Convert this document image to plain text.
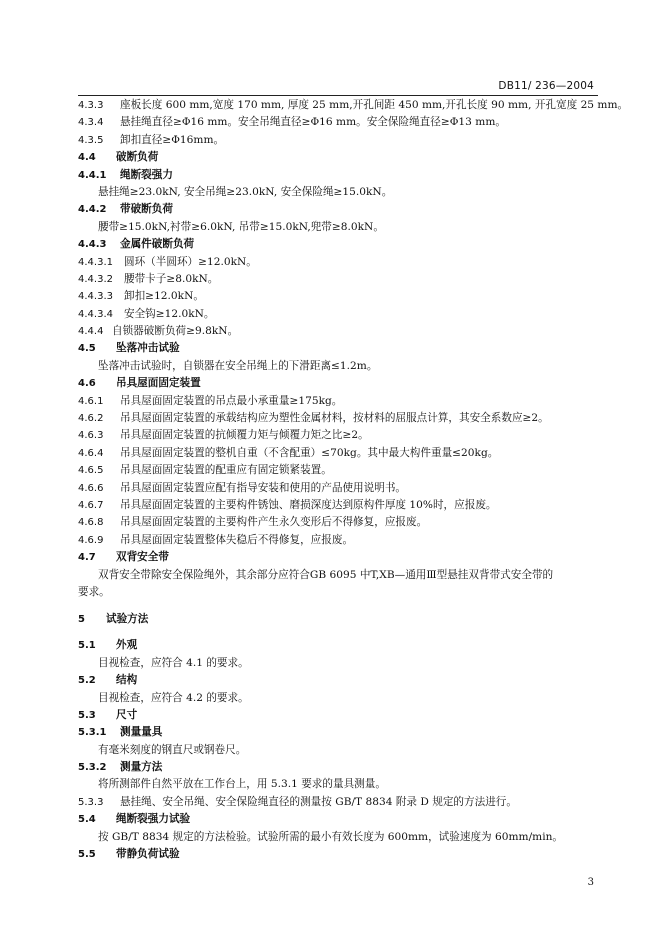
DB11/ 236—2004
4.3.3 座板长度 600 mm,宽度 170 mm, 厚度 25 mm,开孔间距 450 mm,开孔长度 90 mm, 开孔宽度 25 mm。
4.3.4 悬挂绳直径≥Φ16 mm。安全吊绳直径≥Φ16 mm。安全保险绳直径≥Φ13 mm。
4.3.5 卸扣直径≥Φ16mm。
4.4 破断负荷
4.4.1 绳断裂强力
悬挂绳≥23.0kN, 安全吊绳≥23.0kN, 安全保险绳≥15.0kN。
4.4.2 带破断负荷
腰带≥15.0kN,衬带≥6.0kN, 吊带≥15.0kN,兜带≥8.0kN。
4.4.3 金属件破断负荷
4.4.3.1 圆环（半圆环）≥12.0kN。
4.4.3.2 腰带卡子≥8.0kN。
4.4.3.3 卸扣≥12.0kN。
4.4.3.4 安全钩≥12.0kN。
4.4.4 自锁器破断负荷≥9.8kN。
4.5 坠落冲击试验
坠落冲击试验时，自锁器在安全吊绳上的下滑距离≤1.2m。
4.6 吊具屋面固定装置
4.6.1 吊具屋面固定装置的吊点最小承重量≥175kg。
4.6.2 吊具屋面固定装置的承载结构应为塑性金属材料，按材料的屈服点计算，其安全系数应≥2。
4.6.3 吊具屋面固定装置的抗倾覆力矩与倾覆力矩之比≥2。
4.6.4 吊具屋面固定装置的整机自重（不含配重）≤70kg。其中最大构件重量≤20kg。
4.6.5 吊具屋面固定装置的配重应有固定锁紧装置。
4.6.6 吊具屋面固定装置应配有指导安装和使用的产品使用说明书。
4.6.7 吊具屋面固定装置的主要构件锈蚀、磨损深度达到原构件厚度 10%时，应报废。
4.6.8 吊具屋面固定装置的主要构件产生永久变形后不得修复，应报废。
4.6.9 吊具屋面固定装置整体失稳后不得修复，应报废。
4.7 双背安全带
双背安全带除安全保险绳外，其余部分应符合GB 6095 中T,XB—通用Ⅲ型悬挂双背带式安全带的
要求。
5 试验方法
5.1 外观
目视检查，应符合 4.1 的要求。
5.2 结构
目视检查，应符合 4.2 的要求。
5.3 尺寸
5.3.1 测量量具
有毫米刻度的钢直尺或钢卷尺。
5.3.2 测量方法
将所测部件自然平放在工作台上，用 5.3.1 要求的量具测量。
5.3.3 悬挂绳、安全吊绳、安全保险绳直径的测量按 GB/T 8834 附录 D 规定的方法进行。
5.4 绳断裂强力试验
按 GB/T 8834 规定的方法检验。试验所需的最小有效长度为 600mm，试验速度为 60mm/min。
5.5 带静负荷试验
3
